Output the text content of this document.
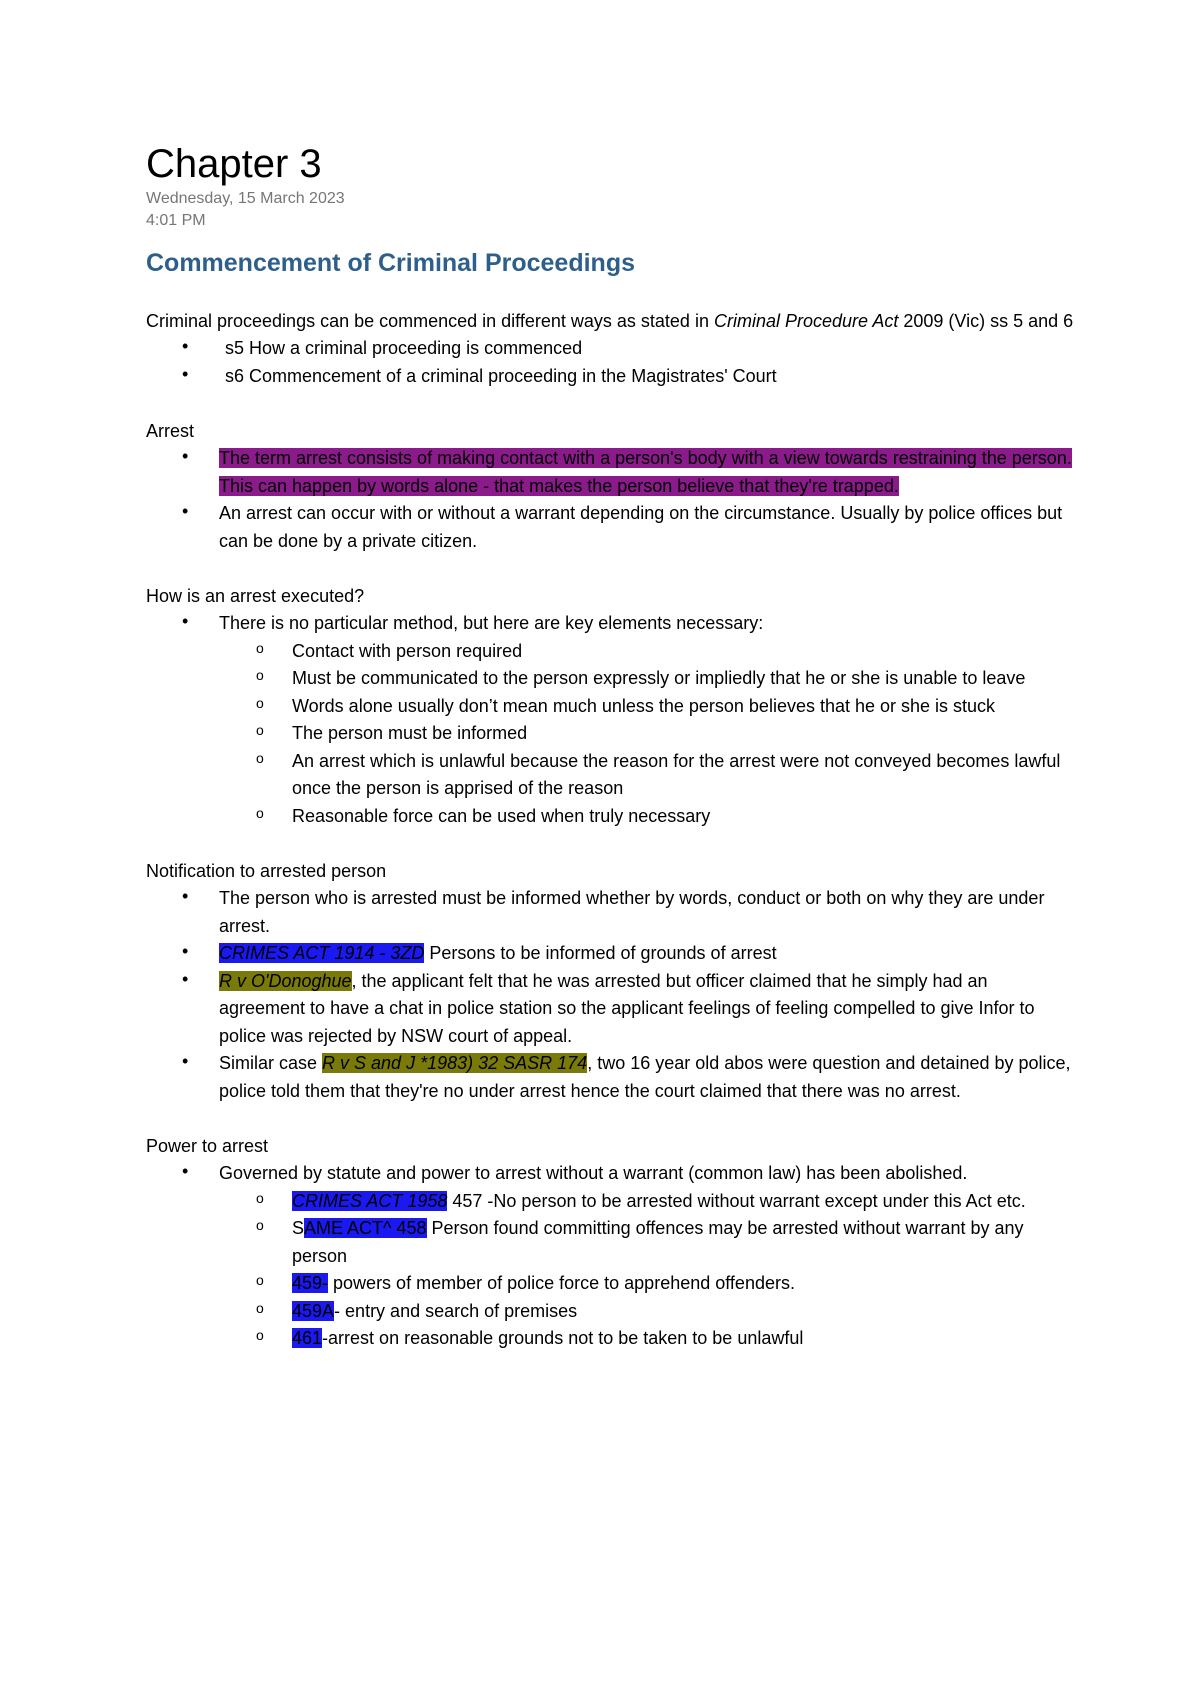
Chapter 3
Wednesday, 15 March 2023
4:01 PM
Commencement of Criminal Proceedings

Criminal proceedings can be commenced in different ways as stated in Criminal Procedure Act 2009 (Vic) ss 5 and 6

• s5 How a criminal proceeding is commenced
• s6 Commencement of a criminal proceeding in the Magistrates' Court

Arrest

• The term arrest consists of making contact with a person's body with a view towards restraining the person. This can happen by words alone - that makes the person believe that they're trapped.
• An arrest can occur with or without a warrant depending on the circumstance. Usually by police offices but can be done by a private citizen.

How is an arrest executed?

• There is no particular method, but here are key elements necessary:
o Contact with person required
o Must be communicated to the person expressly or impliedly that he or she is unable to leave
o Words alone usually don’t mean much unless the person believes that he or she is stuck
o The person must be informed
o An arrest which is unlawful because the reason for the arrest were not conveyed becomes lawful once the person is apprised of the reason
o Reasonable force can be used when truly necessary

Notification to arrested person

• The person who is arrested must be informed whether by words, conduct or both on why they are under arrest.
• CRIMES ACT 1914 - 3ZD Persons to be informed of grounds of arrest
• R v O'Donoghue, the applicant felt that he was arrested but officer claimed that he simply had an agreement to have a chat in police station so the applicant feelings of feeling compelled to give Infor to police was rejected by NSW court of appeal.
• Similar case R v S and J *1983) 32 SASR 174, two 16 year old abos were question and detained by police, police told them that they're no under arrest hence the court claimed that there was no arrest.

Power to arrest

• Governed by statute and power to arrest without a warrant (common law) has been abolished.
o CRIMES ACT 1958 457 -No person to be arrested without warrant except under this Act etc.
o SAME ACT^ 458 Person found committing offences may be arrested without warrant by any person
o 459- powers of member of police force to apprehend offenders.
o 459A- entry and search of premises
o 461-arrest on reasonable grounds not to be taken to be unlawful
